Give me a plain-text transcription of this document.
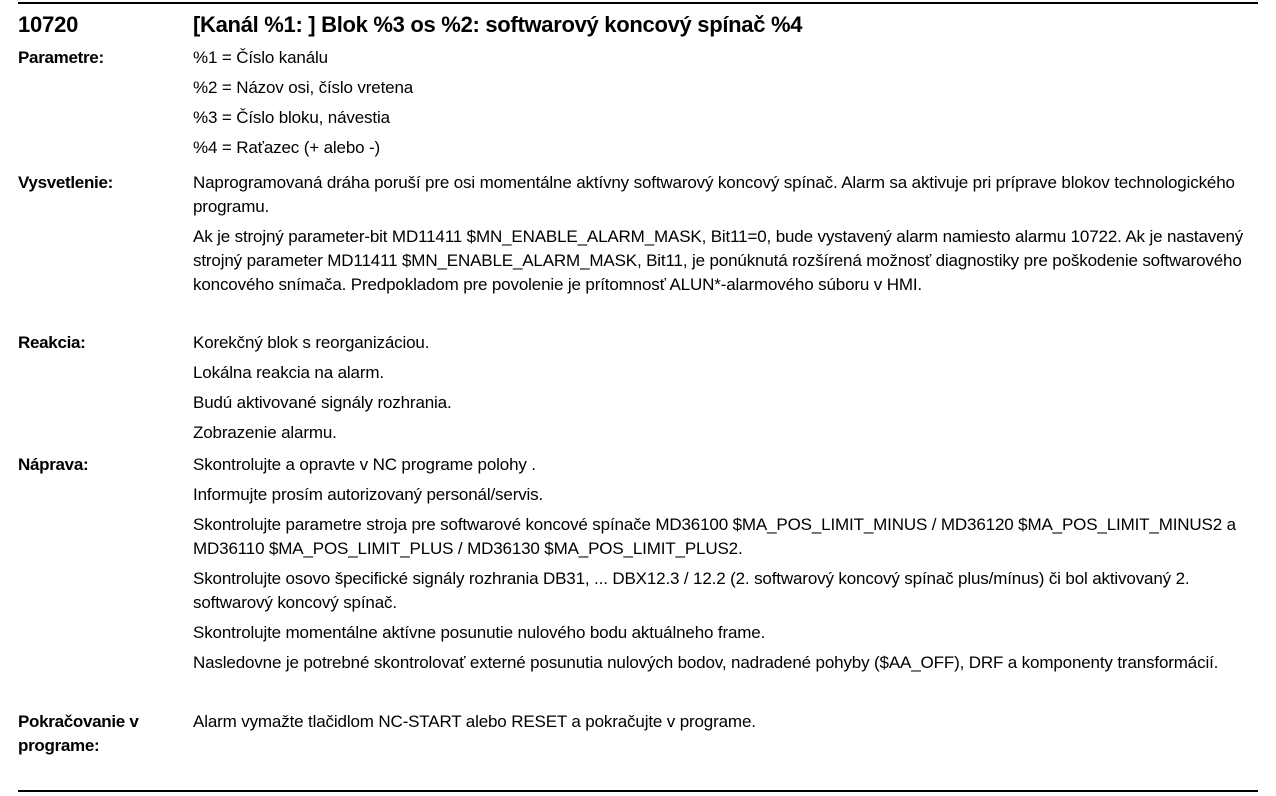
10720	[Kanál %1: ] Blok %3 os %2: softwarový koncový spínač %4
Parametre:	%1 = Číslo kanálu

%2 = Názov osi, číslo vretena

%3 = Číslo bloku, návestia

%4 = Raťazec (+ alebo -)

Vysvetlenie:	Naprogramovaná dráha poruší pre osi momentálne aktívny softwarový koncový spínač. Alarm sa aktivuje pri príprave blokov technologického programu.

Ak je strojný parameter-bit MD11411 $MN_ENABLE_ALARM_MASK, Bit11=0, bude vystavený alarm namiesto alarmu 10722. Ak je nastavený strojný parameter MD11411 $MN_ENABLE_ALARM_MASK, Bit11, je ponúknutá rozšírená možnosť diagnostiky pre poškodenie softwarového koncového snímača. Predpokladom pre povolenie je prítomnosť ALUN*-alarmového súboru v HMI.

Reakcia:	Korekčný blok s reorganizáciou.

Lokálna reakcia na alarm.

Budú aktivované signály rozhrania.

Zobrazenie alarmu.

Náprava:	Skontrolujte a opravte v NC programe polohy .

Informujte prosím autorizovaný personál/servis.

Skontrolujte parametre stroja pre softwarové koncové spínače MD36100 $MA_POS_LIMIT_MINUS / MD36120 $MA_POS_LIMIT_MINUS2 a MD36110 $MA_POS_LIMIT_PLUS / MD36130 $MA_POS_LIMIT_PLUS2.

Skontrolujte osovo špecifické signály rozhrania DB31, ... DBX12.3 / 12.2 (2. softwarový koncový spínač plus/mínus) či bol aktivovaný 2. softwarový koncový spínač.

Skontrolujte momentálne aktívne posunutie nulového bodu aktuálneho frame.

Nasledovne je potrebné skontrolovať externé posunutia nulových bodov, nadradené pohyby ($AA_OFF), DRF a komponenty transformácií.

Pokračovanie v programe:

Alarm vymažte tlačidlom NC-START alebo RESET a pokračujte v programe.
